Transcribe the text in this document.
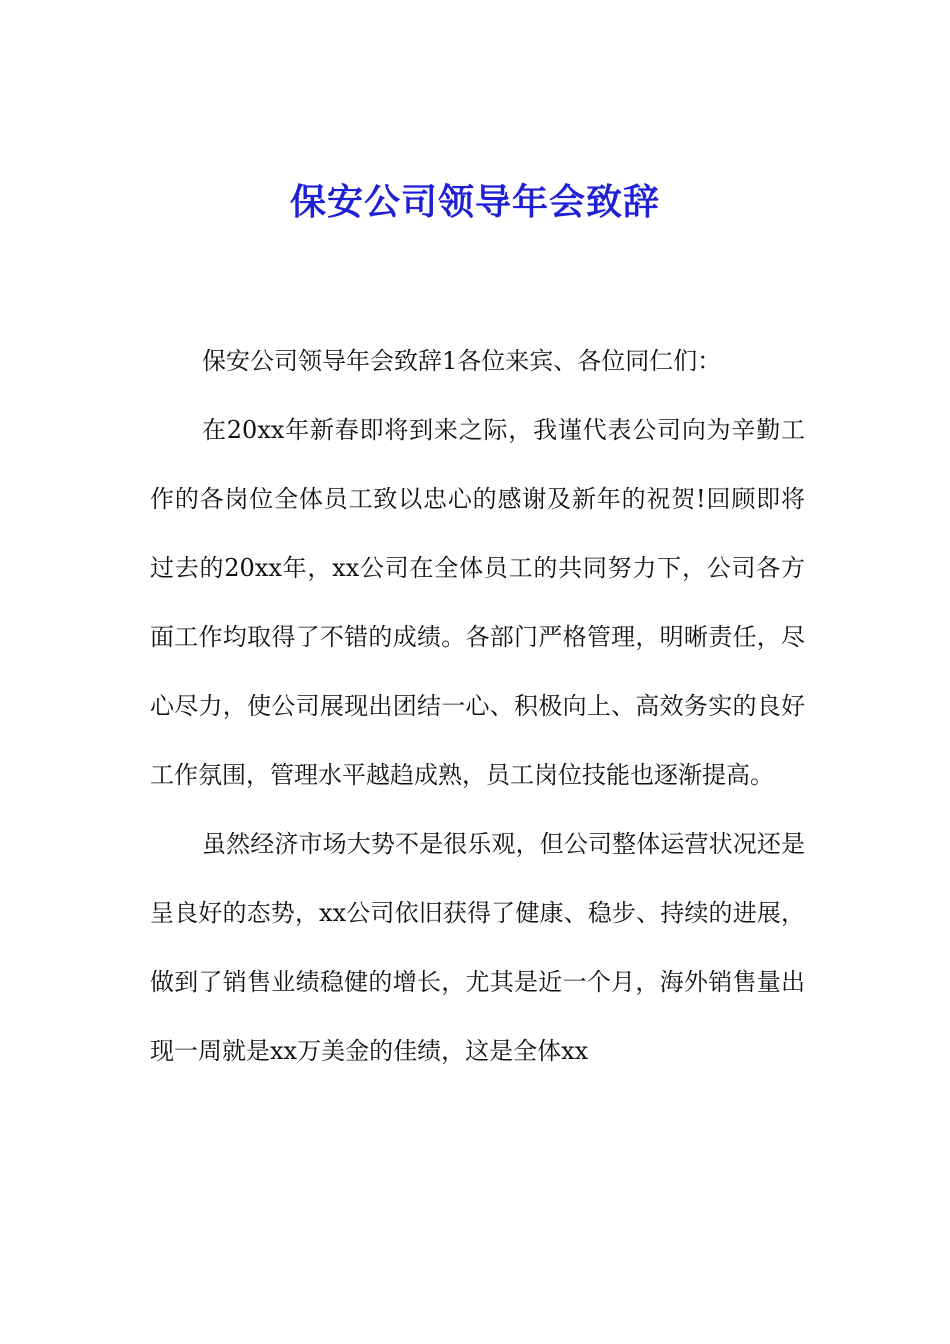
保安公司领导年会致辞

保安公司领导年会致辞1各位来宾、各位同仁们：

在20xx年新春即将到来之际，我谨代表公司向为辛勤工作的各岗位全体员工致以忠心的感谢及新年的祝贺!回顾即将过去的20xx年，xx公司在全体员工的共同努力下，公司各方面工作均取得了不错的成绩。各部门严格管理，明晰责任，尽心尽力，使公司展现出团结一心、积极向上、高效务实的良好工作氛围，管理水平越趋成熟，员工岗位技能也逐渐提高。

虽然经济市场大势不是很乐观，但公司整体运营状况还是呈良好的态势，xx公司依旧获得了健康、稳步、持续的进展，做到了销售业绩稳健的增长，尤其是近一个月，海外销售量出现一周就是xx万美金的佳绩，这是全体xx
